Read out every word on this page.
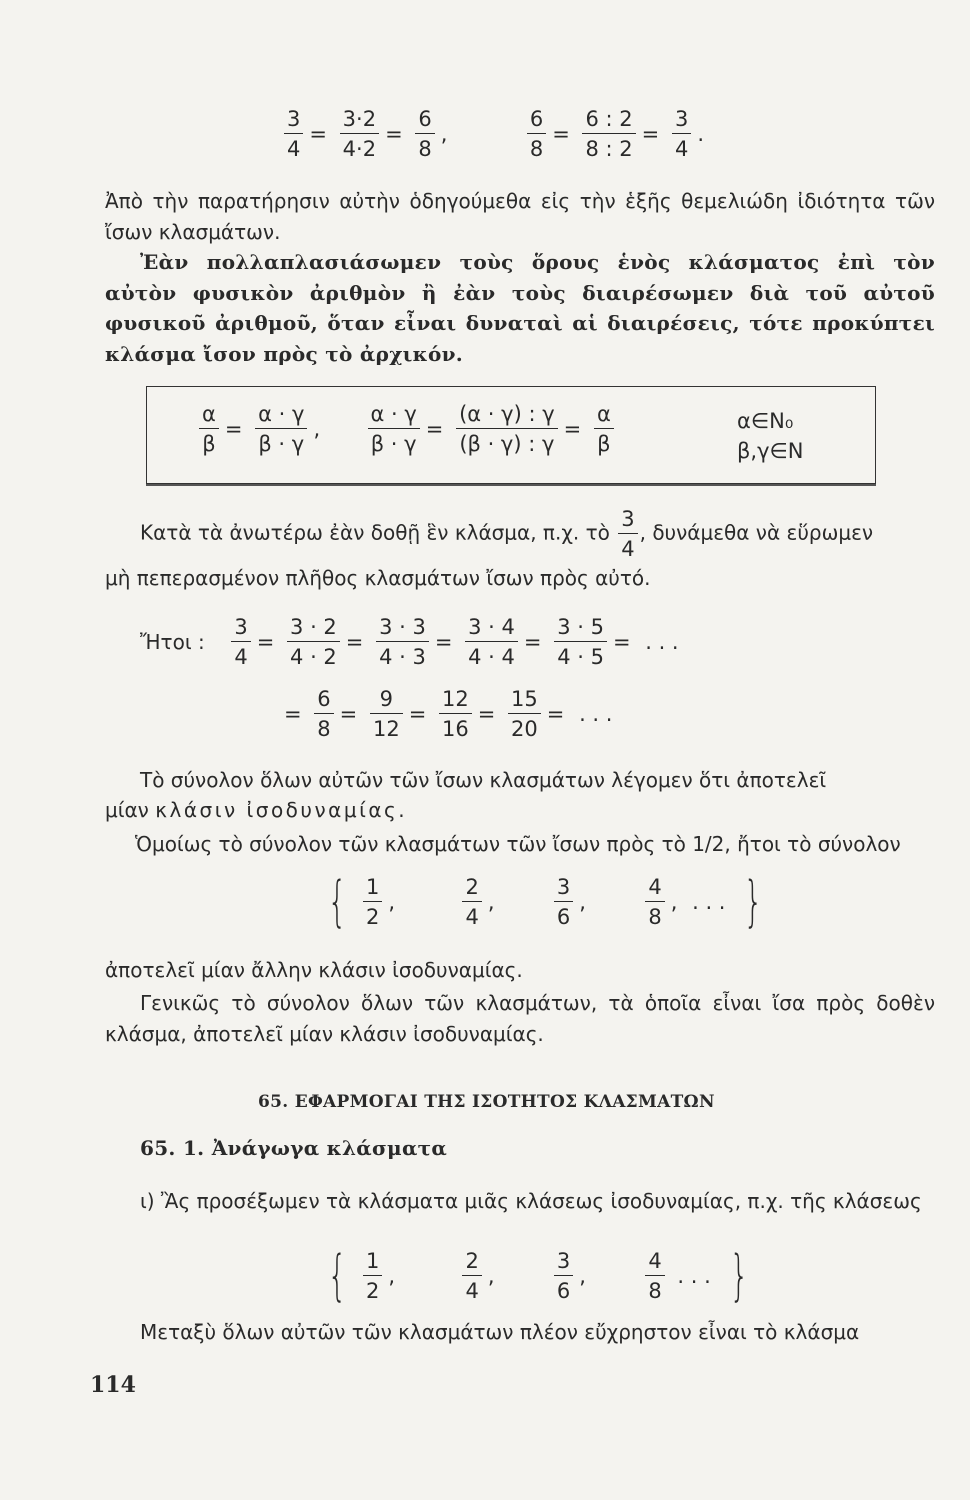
$\frac{3}{4} = \frac{3\cdot 2}{4\cdot 2} = \frac{6}{8}$ ,	$\frac{6}{8} = \frac{6 : 2}{8 : 2} = \frac{3}{4}$ .
Ἀπὸ τὴν παρατήρησιν αὐτὴν ὁδηγούμεθα εἰς τὴν ἑξῆς θεμελιώδη ἰδιότητα τῶν ἴσων κλασμάτων.
Ἐὰν πολλαπλασιάσωμεν τοὺς ὅρους ἑνὸς κλάσματος ἐπὶ τὸν αὐτὸν φυσικὸν ἀριθμὸν ἢ ἐὰν τοὺς διαιρέσωμεν διὰ τοῦ αὐτοῦ φυσικοῦ ἀριθμοῦ, ὅταν εἶναι δυναταὶ αἱ διαιρέσεις, τότε προκύπτει κλάσμα ἴσον πρὸς τὸ ἀρχικόν.
$\frac{\alpha}{\beta} = \frac{\alpha \cdot \gamma}{\beta \cdot \gamma}$ , $\frac{\alpha \cdot \gamma}{\beta \cdot \gamma} = \frac{(\alpha \cdot \gamma) : \gamma}{(\beta \cdot \gamma) : \gamma} = \frac{\alpha}{\beta}$	α∈N₀
β,γ∈N
Κατὰ τὰ ἀνωτέρω ἐὰν δοθῇ ἓν κλάσμα, π.χ. τὸ $\frac{3}{4}$ , δυνάμεθα νὰ εὕρωμεν
μὴ πεπερασμένον πλῆθος κλασμάτων ἴσων πρὸς αὐτό.
Ἤτοι : $\frac{3}{4} = \frac{3 \cdot 2}{4 \cdot 2} = \frac{3 \cdot 3}{4 \cdot 3} = \frac{3 \cdot 4}{4 \cdot 4} = \frac{3 \cdot 5}{4 \cdot 5}$ = . . .
= $\frac{6}{8} = \frac{9}{12} = \frac{12}{16} = \frac{15}{20}$ = . . .
Τὸ σύνολον ὅλων αὐτῶν τῶν ἴσων κλασμάτων λέγομεν ὅτι ἀποτελεῖ
μίαν κλάσιν ἰσοδυναμίας.
Ὁμοίως τὸ σύνολον τῶν κλασμάτων τῶν ἴσων πρὸς τὸ 1/2, ἤτοι τὸ σύνολον
{ $\frac{1}{2}$ ,	$\frac{2}{4}$ ,	$\frac{3}{6}$ ,	$\frac{4}{8}$ , . . . }
ἀποτελεῖ μίαν ἄλλην κλάσιν ἰσοδυναμίας.
Γενικῶς τὸ σύνολον ὅλων τῶν κλασμάτων, τὰ ὁποῖα εἶναι ἴσα πρὸς δοθὲν κλάσμα, ἀποτελεῖ μίαν κλάσιν ἰσοδυναμίας.
65. ΕΦΑΡΜΟΓΑΙ ΤΗΣ ΙΣΟΤΗΤΟΣ ΚΛΑΣΜΑΤΩΝ
65. 1. Ἀνάγωγα κλάσματα
ι) Ἂς προσέξωμεν τὰ κλάσματα μιᾶς κλάσεως ἰσοδυναμίας, π.χ. τῆς κλάσεως
{ $\frac{1}{2}$ ,	$\frac{2}{4}$ ,	$\frac{3}{6}$ ,	$\frac{4}{8}$ . . . }
Μεταξὺ ὅλων αὐτῶν τῶν κλασμάτων πλέον εὔχρηστον εἶναι τὸ κλάσμα
114
